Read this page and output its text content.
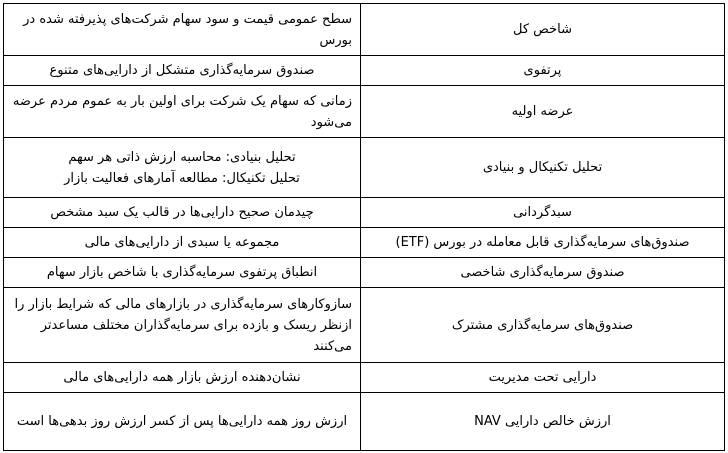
شاخص کل	سطح عمومی قیمت و سود سهام شرکت‌های پذیرفته شده در
بورس

پرتفوی	صندوق سرمایه‌گذاری متشکل از دارایی‌های متنوع

عرضه اولیه	زمانی که سهام یک شرکت برای اولین بار به عموم مردم عرضه
می‌شود

تحلیل تکنیکال و بنیادی	تحلیل بنیادی: محاسبه ارزش ذاتی هر سهم
تحلیل تکنیکال: مطالعه آمارهای فعالیت بازار

سبدگردانی	چیدمان صحیح دارایی‌ها در قالب یک سبد مشخص

صندوق‌های سرمایه‌گذاری قابل معامله در بورس (ETF)	مجموعه یا سبدی از دارایی‌های مالی

صندوق سرمایه‌گذاری شاخصی	انطباق پرتفوی سرمایه‌گذاری با شاخص بازار سهام

صندوق‌های سرمایه‌گذاری مشترک	سازوکارهای سرمایه‌گذاری در بازارهای مالی که شرایط بازار را
ازنظر ریسک و بازده برای سرمایه‌گذاران مختلف مساعدتر
می‌کنند

دارایی تحت مدیریت	نشان‌دهنده ارزش بازار همه دارایی‌های مالی

ارزش خالص دارایی NAV	ارزش روز همه دارایی‌ها پس از کسر ارزش روز بدهی‌ها است
